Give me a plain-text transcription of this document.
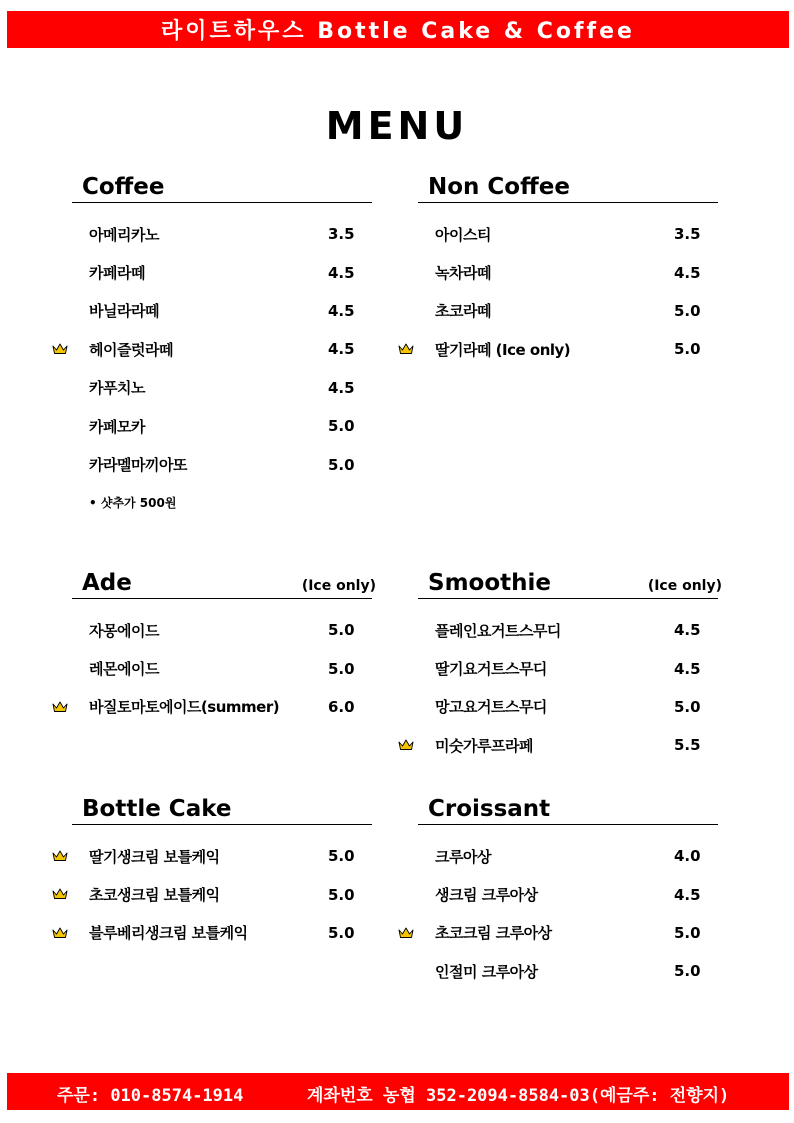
라이트하우스 Bottle Cake & Coffee
MENU
Coffee
아메리카노	3.5
카페라떼	4.5
바닐라라떼	4.5
헤이즐럿라떼	4.5
카푸치노	4.5
카페모카	5.0
카라멜마끼아또	5.0
• 샷추가 500원
Non Coffee
아이스티	3.5
녹차라떼	4.5
초코라떼	5.0
딸기라떼 (Ice only)	5.0
Ade	(Ice only)
자몽에이드	5.0
레몬에이드	5.0
바질토마토에이드(summer)	6.0
Smoothie	(Ice only)
플레인요거트스무디	4.5
딸기요거트스무디	4.5
망고요거트스무디	5.0
미숫가루프라페	5.5
Bottle Cake
딸기생크림 보틀케익	5.0
초코생크림 보틀케익	5.0
블루베리생크림 보틀케익	5.0
Croissant
크루아상	4.0
생크림 크루아상	4.5
초코크림 크루아상	5.0
인절미 크루아상	5.0
주문: 010-8574-1914	계좌번호 농협 352-2094-8584-03(예금주: 전향지)
